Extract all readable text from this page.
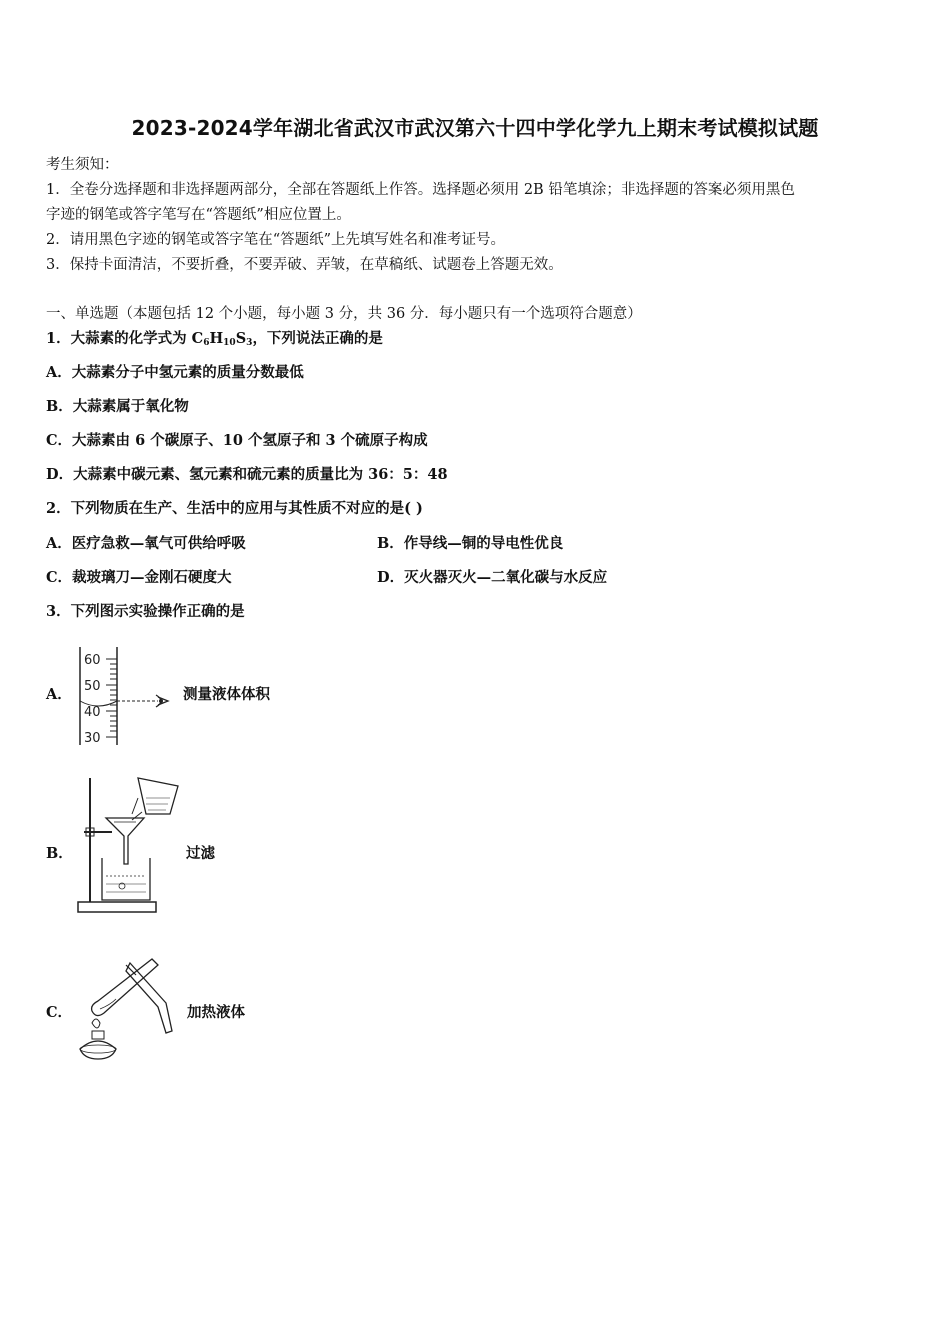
2023-2024学年湖北省武汉市武汉第六十四中学化学九上期末考试模拟试题
考生须知：
1．全卷分选择题和非选择题两部分，全部在答题纸上作答。选择题必须用 2B 铅笔填涂；非选择题的答案必须用黑色
字迹的钢笔或答字笔写在“答题纸”相应位置上。
2．请用黑色字迹的钢笔或答字笔在“答题纸”上先填写姓名和准考证号。
3．保持卡面清洁，不要折叠，不要弄破、弄皱，在草稿纸、试题卷上答题无效。
一、单选题（本题包括 12 个小题，每小题 3 分，共 36 分．每小题只有一个选项符合题意）
1．大蒜素的化学式为 $C_6H_{10}S_3$，下列说法正确的是
A．大蒜素分子中氢元素的质量分数最低
B．大蒜素属于氧化物
C．大蒜素由 6 个碳原子、10 个氢原子和 3 个硫原子构成
D．大蒜素中碳元素、氢元素和硫元素的质量比为 36：5：48
2．下列物质在生产、生活中的应用与其性质不对应的是( )
A．医疗急救—氧气可供给呼吸	B．作导线—铜的导电性优良
C．裁玻璃刀—金刚石硬度大	D．灭火器灭火—二氧化碳与水反应
3．下列图示实验操作正确的是
A．
60
50
40
30
测量液体体积
B．	过滤
C．	加热液体
